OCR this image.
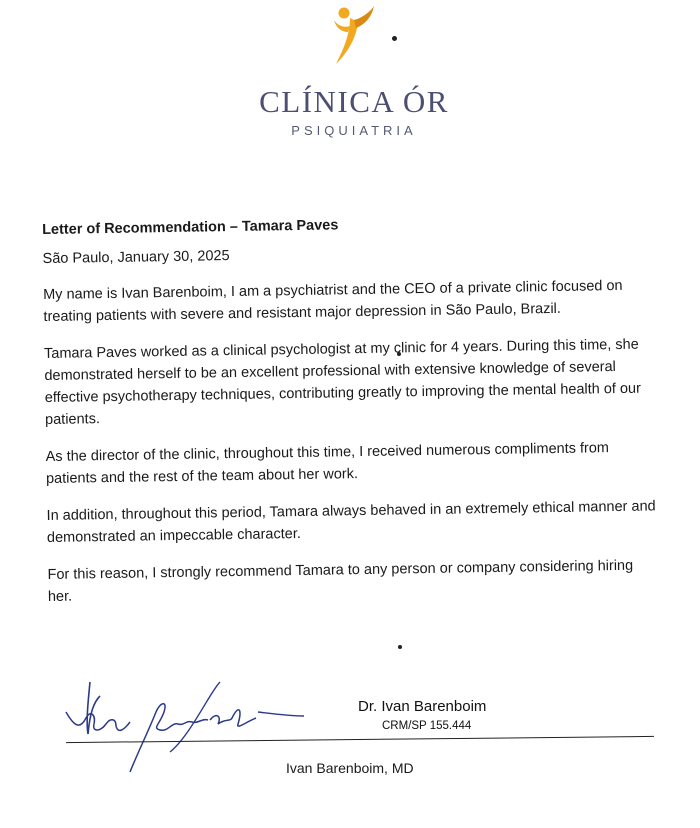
CLÍNICA ÓR
PSIQUIATRIA

Letter of Recommendation – Tamara Paves

São Paulo, January 30, 2025

My name is Ivan Barenboim, I am a psychiatrist and the CEO of a private clinic focused on treating patients with severe and resistant major depression in São Paulo, Brazil.

Tamara Paves worked as a clinical psychologist at my clinic for 4 years. During this time, she demonstrated herself to be an excellent professional with extensive knowledge of several effective psychotherapy techniques, contributing greatly to improving the mental health of our patients.

As the director of the clinic, throughout this time, I received numerous compliments from patients and the rest of the team about her work.

In addition, throughout this period, Tamara always behaved in an extremely ethical manner and demonstrated an impeccable character.

For this reason, I strongly recommend Tamara to any person or company considering hiring her.

Dr. Ivan Barenboim
CRM/SP 155.444
Ivan Barenboim, MD
